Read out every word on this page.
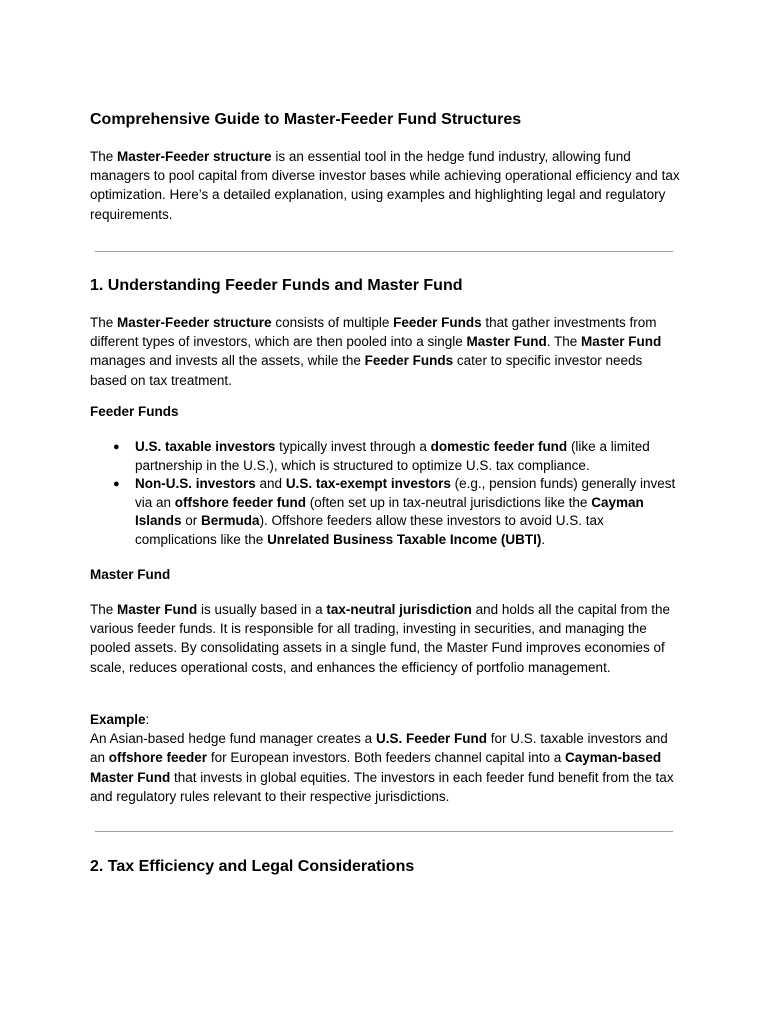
Comprehensive Guide to Master-Feeder Fund Structures

The Master-Feeder structure is an essential tool in the hedge fund industry, allowing fund managers to pool capital from diverse investor bases while achieving operational efficiency and tax optimization. Here’s a detailed explanation, using examples and highlighting legal and regulatory requirements.

1. Understanding Feeder Funds and Master Fund

The Master-Feeder structure consists of multiple Feeder Funds that gather investments from different types of investors, which are then pooled into a single Master Fund. The Master Fund manages and invests all the assets, while the Feeder Funds cater to specific investor needs based on tax treatment.

Feeder Funds
● U.S. taxable investors typically invest through a domestic feeder fund (like a limited partnership in the U.S.), which is structured to optimize U.S. tax compliance.
● Non-U.S. investors and U.S. tax-exempt investors (e.g., pension funds) generally invest via an offshore feeder fund (often set up in tax-neutral jurisdictions like the Cayman Islands or Bermuda). Offshore feeders allow these investors to avoid U.S. tax complications like the Unrelated Business Taxable Income (UBTI).
Master Fund

The Master Fund is usually based in a tax-neutral jurisdiction and holds all the capital from the various feeder funds. It is responsible for all trading, investing in securities, and managing the pooled assets. By consolidating assets in a single fund, the Master Fund improves economies of scale, reduces operational costs, and enhances the efficiency of portfolio management.

Example:
An Asian-based hedge fund manager creates a U.S. Feeder Fund for U.S. taxable investors and an offshore feeder for European investors. Both feeders channel capital into a Cayman-based Master Fund that invests in global equities. The investors in each feeder fund benefit from the tax and regulatory rules relevant to their respective jurisdictions.

2. Tax Efficiency and Legal Considerations
